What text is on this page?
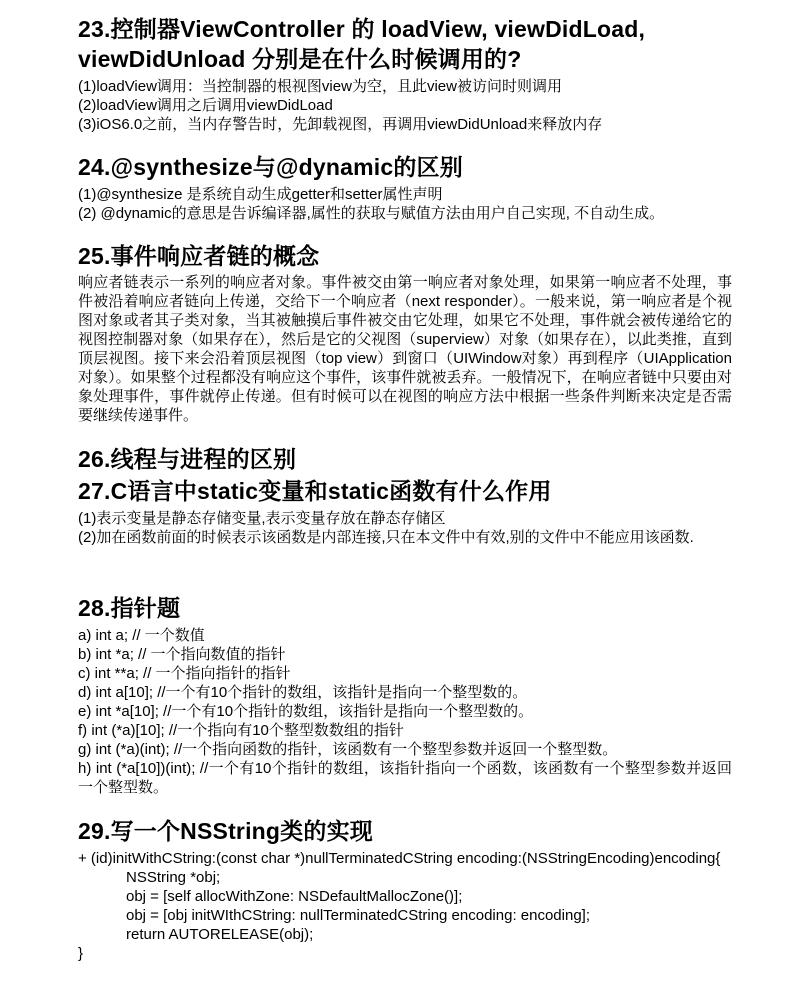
23.控制器ViewController 的 loadView, viewDidLoad,
viewDidUnload 分别是在什么时候调用的?

(1)loadView调用：当控制器的根视图view为空，且此view被访问时则调用

(2)loadView调用之后调用viewDidLoad

(3)iOS6.0之前，当内存警告时，先卸载视图，再调用viewDidUnload来释放内存

24.@synthesize与@dynamic的区别

(1)@synthesize 是系统自动生成getter和setter属性声明

(2) @dynamic的意思是告诉编译器,属性的获取与赋值方法由用户自己实现, 不自动生成。

25.事件响应者链的概念

响应者链表示一系列的响应者对象。事件被交由第一响应者对象处理，如果第一响应者不处理，事件被沿着响应者链向上传递，交给下一个响应者（next responder）。一般来说，第一响应者是个视图对象或者其子类对象，当其被触摸后事件被交由它处理，如果它不处理，事件就会被传递给它的视图控制器对象（如果存在），然后是它的父视图（superview）对象（如果存在），以此类推，直到顶层视图。接下来会沿着顶层视图（top view）到窗口（UIWindow对象）再到程序（UIApplication对象）。如果整个过程都没有响应这个事件，该事件就被丢弃。一般情况下，在响应者链中只要由对象处理事件，事件就停止传递。但有时候可以在视图的响应方法中根据一些条件判断来决定是否需要继续传递事件。

26.线程与进程的区别
27.C语言中static变量和static函数有什么作用

(1)表示变量是静态存储变量,表示变量存放在静态存储区

(2)加在函数前面的时候表示该函数是内部连接,只在本文件中有效,别的文件中不能应用该函数.

28.指针题

a) int a; // 一个数值

b) int *a; // 一个指向数值的指针

c) int **a; // 一个指向指针的指针

d) int a[10]; //一个有10个指针的数组，该指针是指向一个整型数的。

e) int *a[10]; //一个有10个指针的数组，该指针是指向一个整型数的。

f) int (*a)[10]; //一个指向有10个整型数数组的指针

g) int (*a)(int); //一个指向函数的指针，该函数有一个整型参数并返回一个整型数。

h) int (*a[10])(int); //一个有10个指针的数组，该指针指向一个函数，该函数有一个整型参数并返回一个整型数。

29.写一个NSString类的实现

+ (id)initWithCString:(const char *)nullTerminatedCString encoding:(NSStringEncoding)encoding{

NSString *obj;

obj = [self allocWithZone: NSDefaultMallocZone()];

obj = [obj initWIthCString: nullTerminatedCString encoding: encoding];

return AUTORELEASE(obj);

}
